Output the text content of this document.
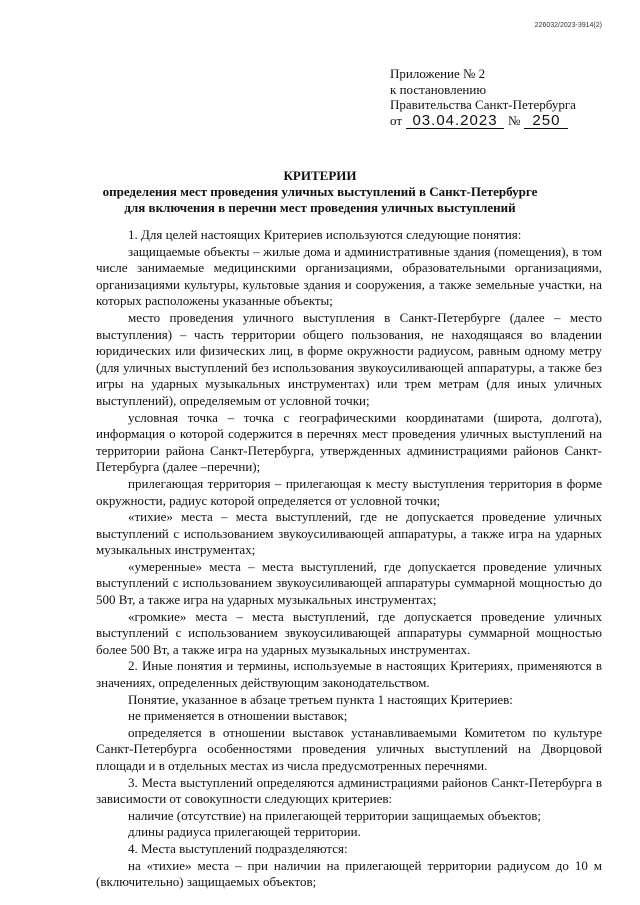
226032/2023-3914(2)
Приложение № 2
к постановлению
Правительства Санкт-Петербурга
от 03.04.2023 № 250
КРИТЕРИИ
определения мест проведения уличных выступлений в Санкт-Петербурге для включения в перечни мест проведения уличных выступлений

1. Для целей настоящих Критериев используются следующие понятия:

защищаемые объекты – жилые дома и административные здания (помещения), в том числе занимаемые медицинскими организациями, образовательными организациями, организациями культуры, культовые здания и сооружения, а также земельные участки, на которых расположены указанные объекты;

место проведения уличного выступления в Санкт-Петербурге (далее – место выступления) – часть территории общего пользования, не находящаяся во владении юридических или физических лиц, в форме окружности радиусом, равным одному метру (для уличных выступлений без использования звукоусиливающей аппаратуры, а также без игры на ударных музыкальных инструментах) или трем метрам (для иных уличных выступлений), определяемым от условной точки;

условная точка – точка с географическими координатами (широта, долгота), информация о которой содержится в перечнях мест проведения уличных выступлений на территории района Санкт-Петербурга, утвержденных администрациями районов Санкт-Петербурга (далее –перечни);

прилегающая территория – прилегающая к месту выступления территория в форме окружности, радиус которой определяется от условной точки;

«тихие» места – места выступлений, где не допускается проведение уличных выступлений с использованием звукоусиливающей аппаратуры, а также игра на ударных музыкальных инструментах;

«умеренные» места – места выступлений, где допускается проведение уличных выступлений с использованием звукоусиливающей аппаратуры суммарной мощностью до 500 Вт, а также игра на ударных музыкальных инструментах;

«громкие» места – места выступлений, где допускается проведение уличных выступлений с использованием звукоусиливающей аппаратуры суммарной мощностью более 500 Вт, а также игра на ударных музыкальных инструментах.

2. Иные понятия и термины, используемые в настоящих Критериях, применяются в значениях, определенных действующим законодательством.

Понятие, указанное в абзаце третьем пункта 1 настоящих Критериев:

не применяется в отношении выставок;

определяется в отношении выставок устанавливаемыми Комитетом по культуре Санкт-Петербурга особенностями проведения уличных выступлений на Дворцовой площади и в отдельных местах из числа предусмотренных перечнями.

3. Места выступлений определяются администрациями районов Санкт-Петербурга в зависимости от совокупности следующих критериев:

наличие (отсутствие) на прилегающей территории защищаемых объектов;

длины радиуса прилегающей территории.

4. Места выступлений подразделяются:

на «тихие» места – при наличии на прилегающей территории радиусом до 10 м (включительно) защищаемых объектов;
